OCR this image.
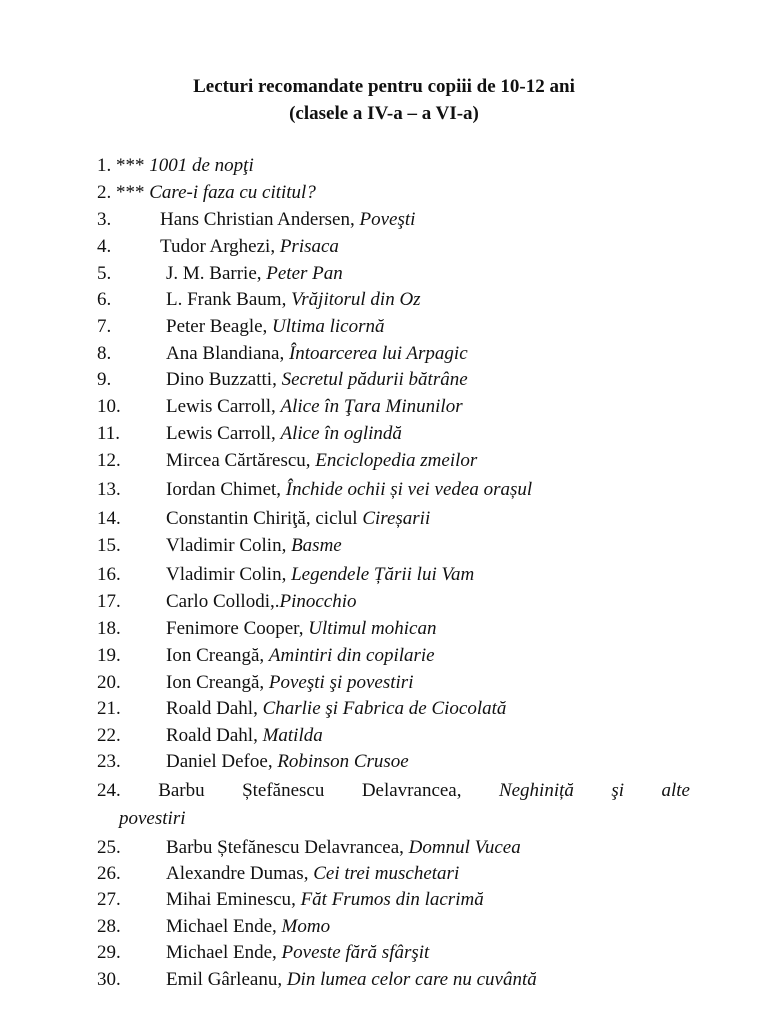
Lecturi recomandate pentru copiii de 10-12 ani
(clasele a IV-a – a VI-a)
1. *** 1001 de nopţi
2. *** Care-i faza cu cititul?
3.	Hans Christian Andersen, Poveşti
4.	Tudor Arghezi, Prisaca
5.	J. M. Barrie, Peter Pan
6.	L. Frank Baum, Vrăjitorul din Oz
7.	Peter Beagle, Ultima licornă
8.	Ana Blandiana, Întoarcerea lui Arpagic
9.	Dino Buzzatti, Secretul pădurii bătrâne
10. Lewis Carroll, Alice în Ţara Minunilor
11. Lewis Carroll, Alice în oglindă
12. Mircea Cărtărescu, Enciclopedia zmeilor
13. Iordan Chimet, Închide ochii și vei vedea orașul
14. Constantin Chiriţă, ciclul Cireșarii
15. Vladimir Colin, Basme
16. Vladimir Colin, Legendele Țării lui Vam
17. Carlo Collodi,.Pinocchio
18. Fenimore Cooper, Ultimul mohican
19. Ion Creangă, Amintiri din copilarie
20. Ion Creangă, Poveşti şi povestiri
21. Roald Dahl, Charlie şi Fabrica de Ciocolată
22. Roald Dahl, Matilda
23. Daniel Defoe, Robinson Crusoe
24. Barbu Ștefănescu Delavrancea, Neghiniță şi alte
povestiri
25. Barbu Ștefănescu Delavrancea, Domnul Vucea
26. Alexandre Dumas, Cei trei muschetari
27. Mihai Eminescu, Făt Frumos din lacrimă
28. Michael Ende, Momo
29. Michael Ende, Poveste fără sfârşit
30. Emil Gârleanu, Din lumea celor care nu cuvântă
